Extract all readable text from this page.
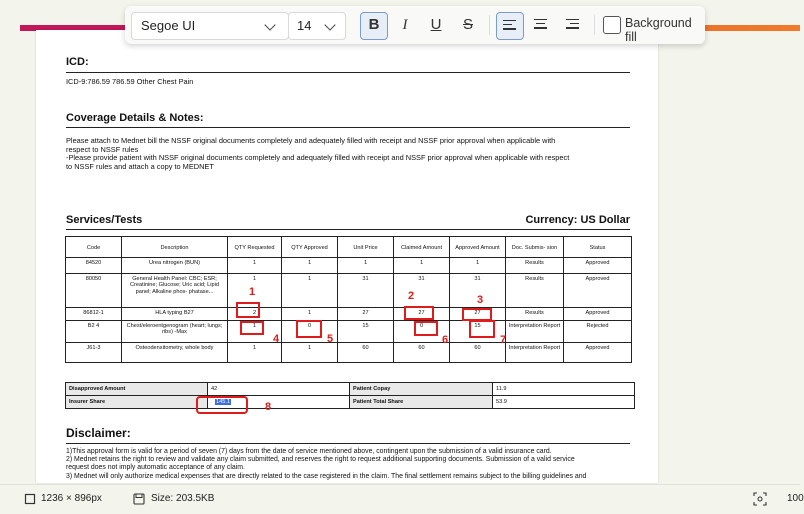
ICD:
ICD-9:786.59 786.59 Other Chest Pain
Coverage Details & Notes:
Please attach to Mednet bill the NSSF original documents completely and adequately filled with receipt and NSSF prior approval when applicable with
respect to NSSF rules
-Please provide patient with NSSF original documents completely and adequately filled with receipt and NSSF prior approval when applicable with respect
to NSSF rules and attach a copy to MEDNET
Services/Tests	Currency: US Dollar
Code	Description	QTY Requested	QTY Approved	Unit Price	Claimed Amount	Approved Amount	Doc. Submis- sion	Status
84520	Urea nitrogen (BUN)	1	1	1	1	1	Results	Approved
80050	General Health Panel: CBC; ESR; Creatinine; Glucose; Uric acid; Lipid panel; Alkaline phos- phatase...	1	1	31	31	31	Results	Approved
86812-1	HLA typing B27	2	1	27	27	27	Results	Approved
B2 4	Chest/eleroentgenogram (heart; lungs; ribs) -Max	1	0	15	0	15	Interpretation Report	Rejected
J61-3	Osteodensitometry, whole body	1	1	60	60	60	Interpretation Report	Approved
Disapproved Amount	42	Patient Copay	11.9
Insurer Share	145.1	Patient Total Share	53.9
Disclaimer:
1)This approval form is valid for a period of seven (7) days from the date of service mentioned above, contingent upon the submission of a valid insurance card.
2) Mednet retains the right to review and validate any claim submitted, and reserves the right to request additional supporting documents. Submission of a valid service
request does not imply automatic acceptance of any claim.
3) Mednet will only authorize medical expenses that are directly related to the case registered in the claim. The final settlement remains subject to the billing guidelines and
1	2	3
4	5	6	7
8
Segoe UI	14	B	I	U	S	Background fill
1236 × 896px	Size: 203.5KB	100
